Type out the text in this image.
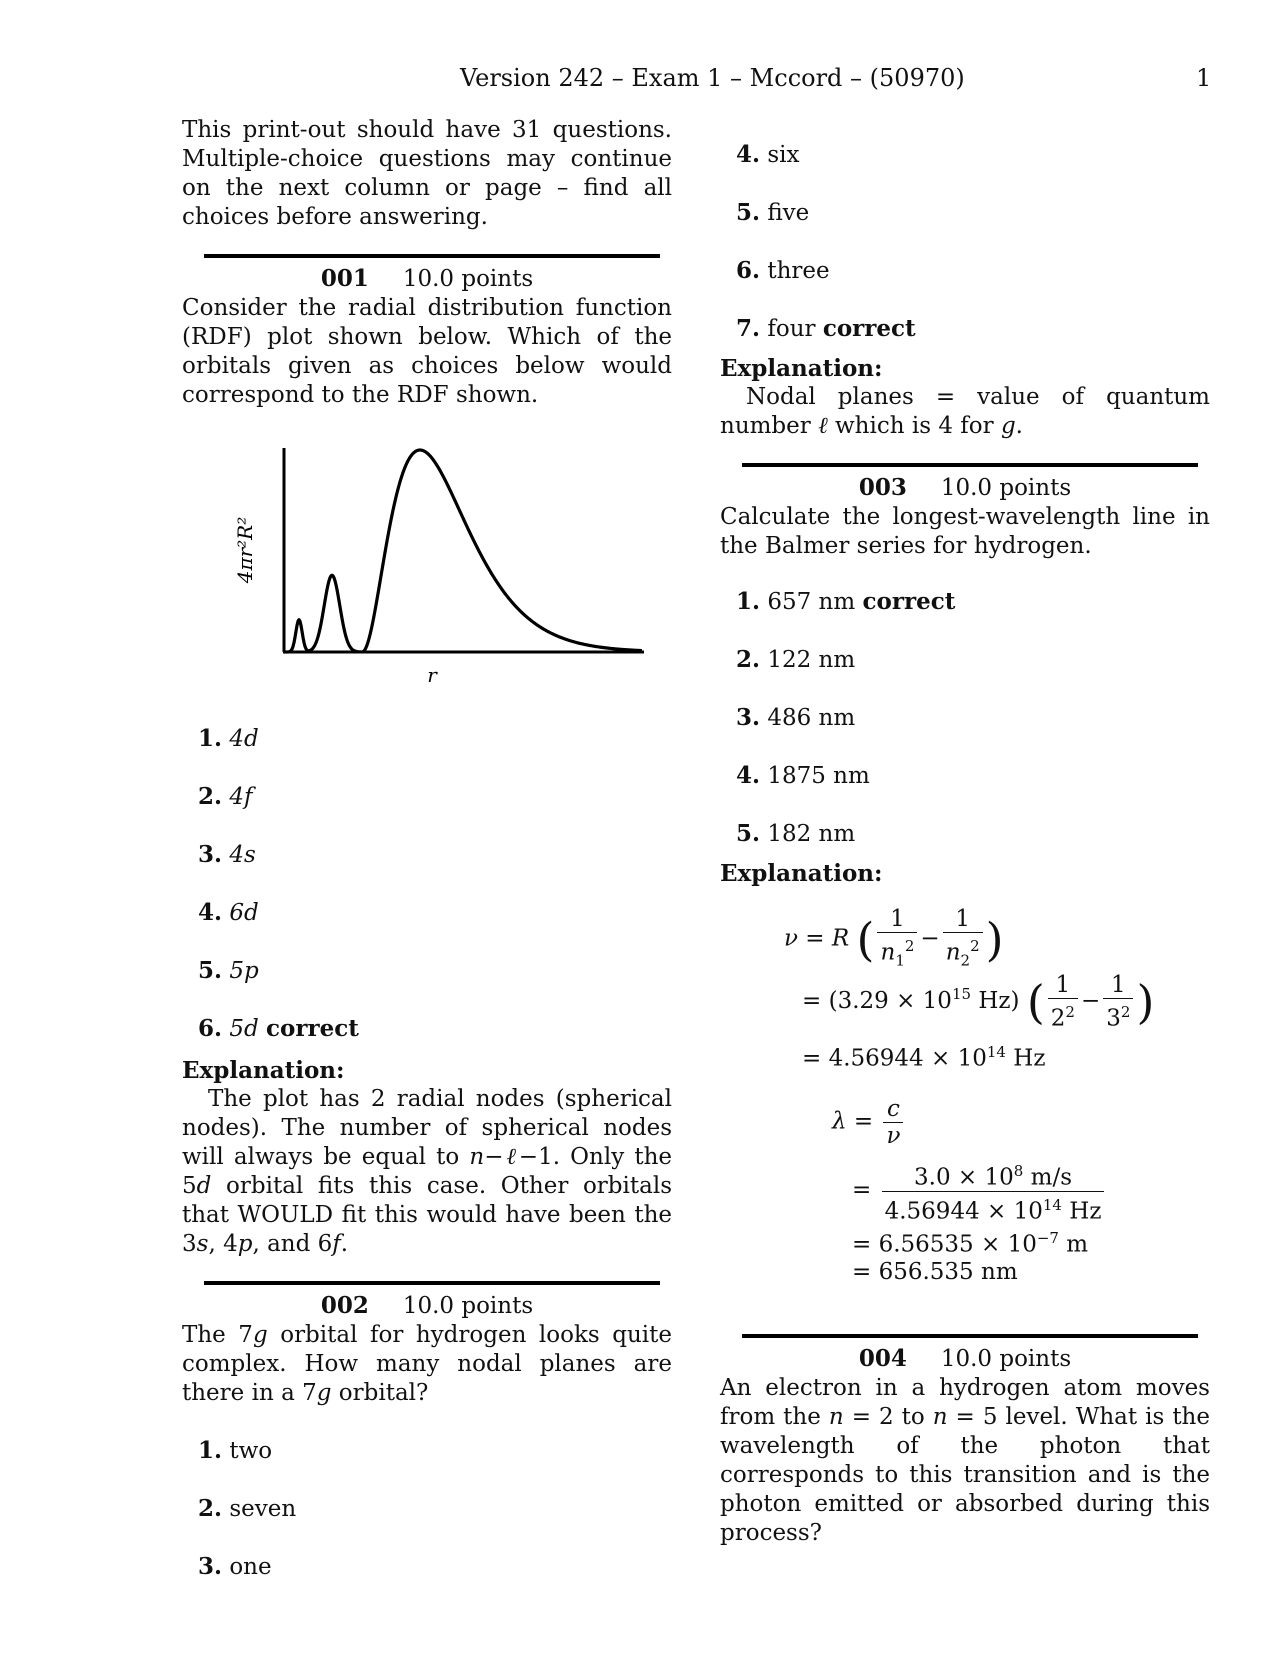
Version 242 – Exam 1 – Mccord – (50970)	1

This print-out should have 31 questions. Multiple-choice questions may continue on the next column or page – find all choices before answering.

001 10.0 points

Consider the radial distribution function (RDF) plot shown below. Which of the orbitals given as choices below would correspond to the RDF shown.

4πr²R²
r

1. 4d

2. 4f

3. 4s

4. 6d

5. 5p

6. 5d correct

Explanation:

The plot has 2 radial nodes (spherical nodes). The number of spherical nodes will always be equal to n−ℓ−1. Only the 5d orbital fits this case. Other orbitals that WOULD fit this would have been the 3s, 4p, and 6f.

002 10.0 points

The 7g orbital for hydrogen looks quite complex. How many nodal planes are there in a 7g orbital?

1. two

2. seven

3. one

4. six

5. five

6. three

7. four correct

Explanation:

Nodal planes = value of quantum number ℓ which is 4 for g.

003 10.0 points

Calculate the longest-wavelength line in the Balmer series for hydrogen.

1. 657 nm correct

2. 122 nm

3. 486 nm

4. 1875 nm

5. 182 nm

Explanation:

ν = R ( $\frac{1}{n_1^2} - \frac{1}{n_2^2}$ )
= ($3.29 \times 10^{15}$ Hz) ( $\frac{1}{2^2} - \frac{1}{3^2}$ )
= $4.56944 \times 10^{14}$ Hz
$\lambda = \frac{c}{\nu}$
= $\frac{3.0 \times 10^8 m/s}{4.56944 \times 10^{14} Hz}$
= $6.56535 \times 10^{-7}$ m
= 656.535 nm

004 10.0 points

An electron in a hydrogen atom moves from the n = 2 to n = 5 level. What is the wavelength of the photon that corresponds to this transition and is the photon emitted or absorbed during this process?
